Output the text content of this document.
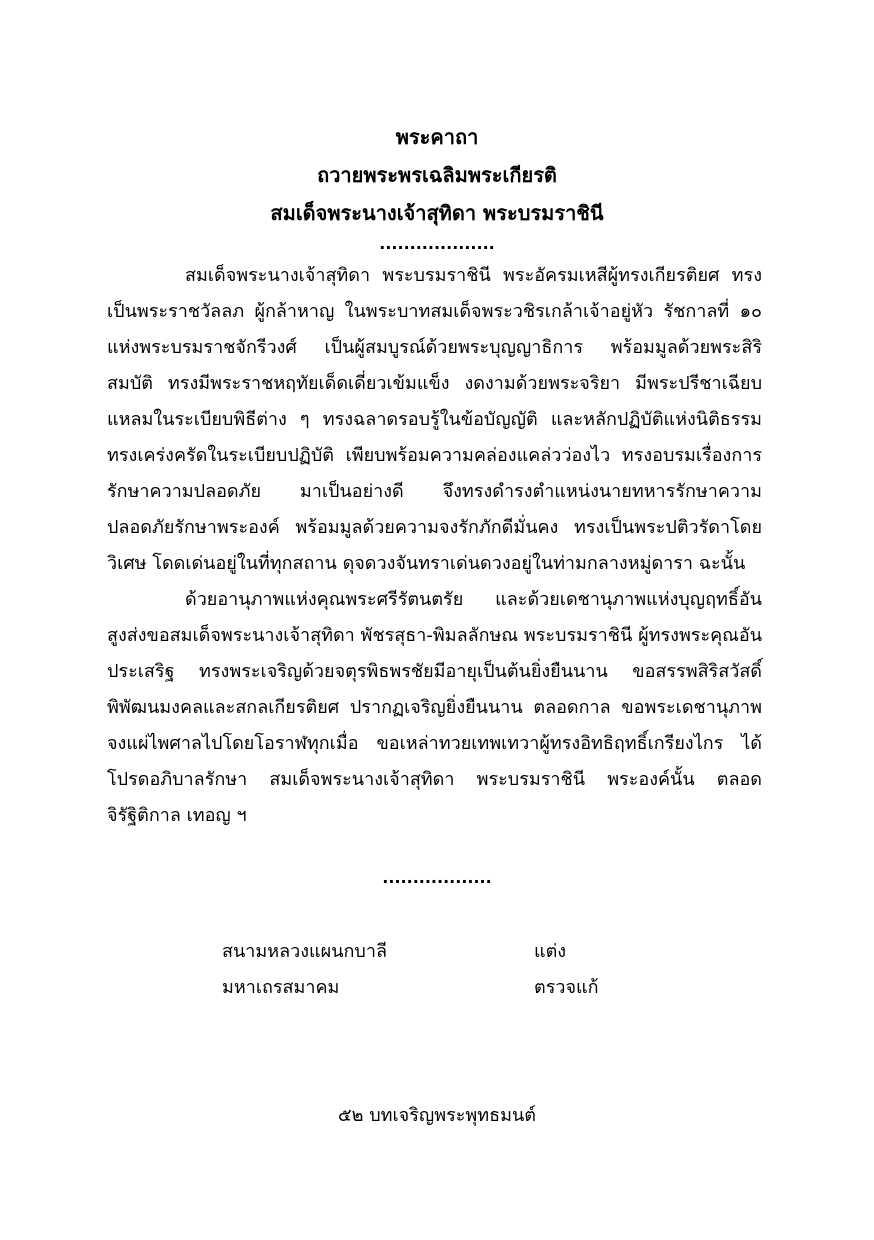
พระคาถา
ถวายพระพรเฉลิมพระเกียรติ
สมเด็จพระนางเจ้าสุทิดา พระบรมราชินี
...................

สมเด็จพระนางเจ้าสุทิดา พระบรมราชินี พระอัครมเหสีผู้ทรงเกียรติยศ ทรงเป็นพระราชวัลลภ ผู้กล้าหาญ ในพระบาทสมเด็จพระวชิรเกล้าเจ้าอยู่หัว รัชกาลที่ ๑๐ แห่งพระบรมราชจักรีวงศ์ เป็นผู้สมบูรณ์ด้วยพระบุญญาธิการ พร้อมมูลด้วยพระสิริสมบัติ ทรงมีพระราชหฤทัยเด็ดเดี่ยวเข้มแข็ง งดงามด้วยพระจริยา มีพระปรีชาเฉียบแหลมในระเบียบพิธีต่าง ๆ ทรงฉลาดรอบรู้ในข้อบัญญัติ และหลักปฏิบัติแห่งนิติธรรม ทรงเคร่งครัดในระเบียบปฏิบัติ เพียบพร้อมความคล่องแคล่วว่องไว ทรงอบรมเรื่องการรักษาความปลอดภัย มาเป็นอย่างดี จึงทรงดำรงตำแหน่งนายทหารรักษาความปลอดภัยรักษาพระองค์ พร้อมมูลด้วยความจงรักภักดีมั่นคง ทรงเป็นพระปติวรัดาโดยวิเศษ โดดเด่นอยู่ในที่ทุกสถาน ดุจดวงจันทราเด่นดวงอยู่ในท่ามกลางหมู่ดารา ฉะนั้น

ด้วยอานุภาพแห่งคุณพระศรีรัตนตรัย และด้วยเดชานุภาพแห่งบุญฤทธิ์อันสูงส่งขอสมเด็จพระนางเจ้าสุทิดา พัชรสุธา-พิมลลักษณ พระบรมราชินี ผู้ทรงพระคุณอันประเสริฐ ทรงพระเจริญด้วยจตุรพิธพรชัยมีอายุเป็นต้นยิ่งยืนนาน ขอสรรพสิริสวัสดิ์พิพัฒนมงคลและสกลเกียรติยศ ปรากฏเจริญยิ่งยืนนาน ตลอดกาล ขอพระเดชานุภาพ จงแผ่ไพศาลไปโดยโอราฬทุกเมื่อ ขอเหล่าทวยเทพเทวาผู้ทรงอิทธิฤทธิ์เกรียงไกร ได้โปรดอภิบาลรักษา สมเด็จพระนางเจ้าสุทิดา พระบรมราชินี พระองค์นั้น ตลอดจิรัฐิติกาล เทอญ ฯ

..................
สนามหลวงแผนกบาลี	แต่ง
มหาเถรสมาคม	ตรวจแก้
๕๒ บทเจริญพระพุทธมนต์
